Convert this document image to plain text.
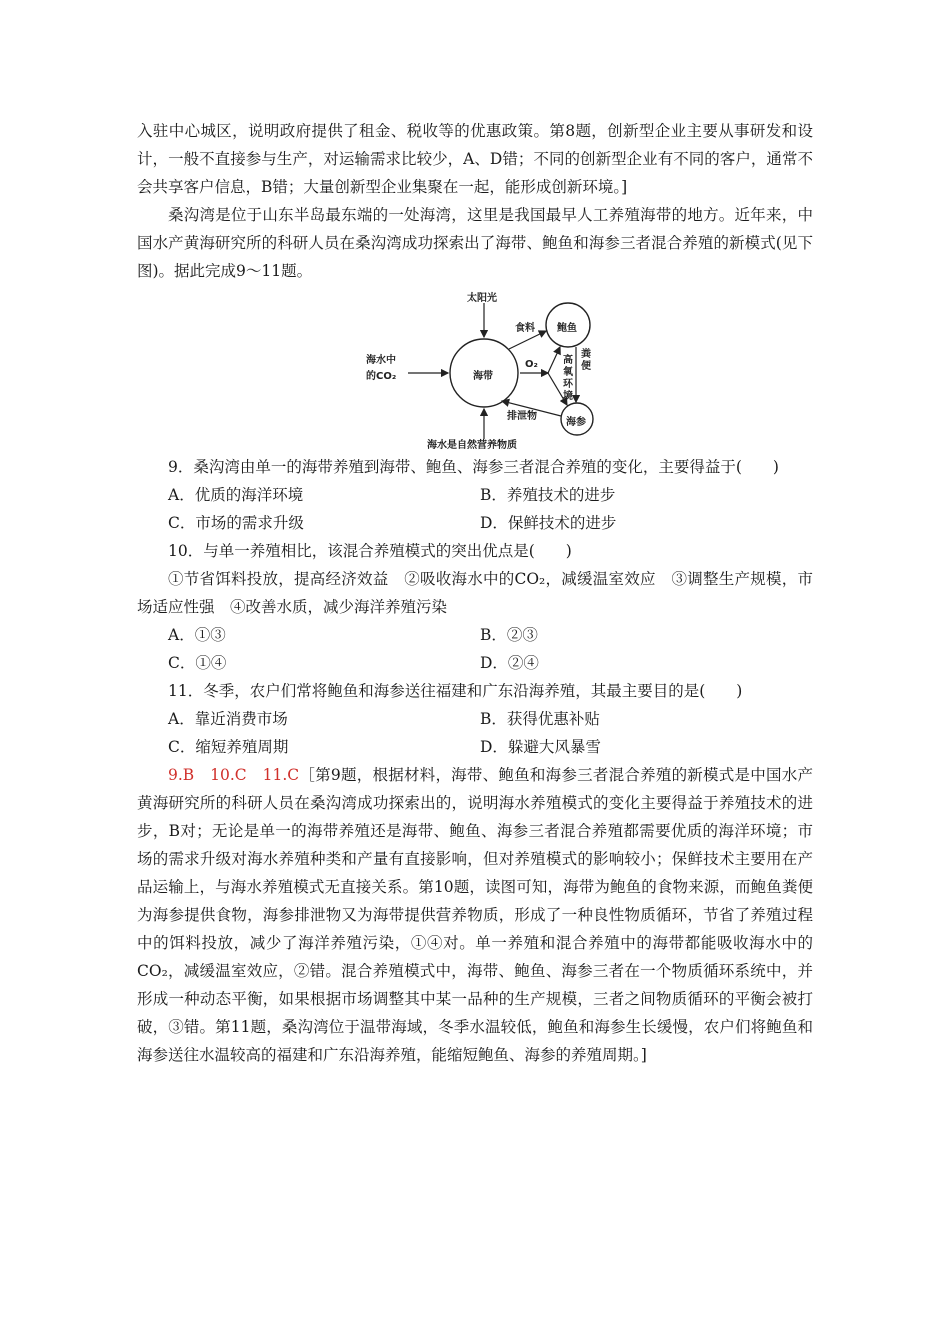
入驻中心城区，说明政府提供了租金、税收等的优惠政策。第8题，创新型企业主要从事研发和设计，一般不直接参与生产，对运输需求比较少，A、D错；不同的创新型企业有不同的客户，通常不会共享客户信息，B错；大量创新型企业集聚在一起，能形成创新环境。]

桑沟湾是位于山东半岛最东端的一处海湾，这里是我国最早人工养殖海带的地方。近年来，中国水产黄海研究所的科研人员在桑沟湾成功探索出了海带、鲍鱼和海参三者混合养殖的新模式(见下图)。据此完成9～11题。

太阳光
海水中
的CO₂	海带
鲍鱼
海参
食料
O₂	高氧环境
粪便
排泄物
海水是自然营养物质

9．桑沟湾由单一的海带养殖到海带、鲍鱼、海参三者混合养殖的变化，主要得益于(　　)

A．优质的海洋环境	B．养殖技术的进步
C．市场的需求升级	D．保鲜技术的进步

10．与单一养殖相比，该混合养殖模式的突出优点是(　　)

①节省饵料投放，提高经济效益　②吸收海水中的CO₂，减缓温室效应　③调整生产规模，市场适应性强　④改善水质，减少海洋养殖污染

A．①③	B．②③
C．①④	D．②④

11．冬季，农户们常将鲍鱼和海参送往福建和广东沿海养殖，其最主要目的是(　　)

A．靠近消费市场	B．获得优惠补贴
C．缩短养殖周期	D．躲避大风暴雪

9.B　10.C　11.C［第9题，根据材料，海带、鲍鱼和海参三者混合养殖的新模式是中国水产黄海研究所的科研人员在桑沟湾成功探索出的，说明海水养殖模式的变化主要得益于养殖技术的进步，B对；无论是单一的海带养殖还是海带、鲍鱼、海参三者混合养殖都需要优质的海洋环境；市场的需求升级对海水养殖种类和产量有直接影响，但对养殖模式的影响较小；保鲜技术主要用在产品运输上，与海水养殖模式无直接关系。第10题，读图可知，海带为鲍鱼的食物来源，而鲍鱼粪便为海参提供食物，海参排泄物又为海带提供营养物质，形成了一种良性物质循环，节省了养殖过程中的饵料投放，减少了海洋养殖污染，①④对。单一养殖和混合养殖中的海带都能吸收海水中的CO₂，减缓温室效应，②错。混合养殖模式中，海带、鲍鱼、海参三者在一个物质循环系统中，并形成一种动态平衡，如果根据市场调整其中某一品种的生产规模，三者之间物质循环的平衡会被打破，③错。第11题，桑沟湾位于温带海域，冬季水温较低，鲍鱼和海参生长缓慢，农户们将鲍鱼和海参送往水温较高的福建和广东沿海养殖，能缩短鲍鱼、海参的养殖周期。]
